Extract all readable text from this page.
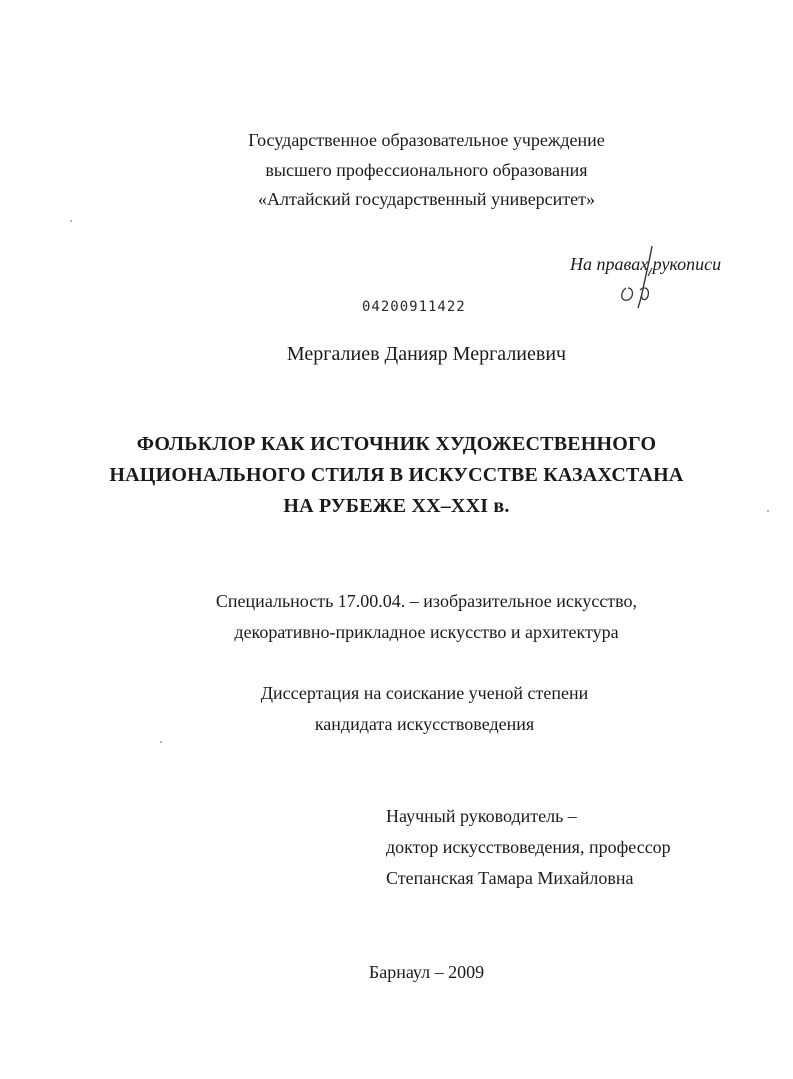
Государственное образовательное учреждение
высшего профессионального образования
«Алтайский государственный университет»
На правах рукописи
04200911422
Мергалиев Данияр Мергалиевич
ФОЛЬКЛОР КАК ИСТОЧНИК ХУДОЖЕСТВЕННОГО
НАЦИОНАЛЬНОГО СТИЛЯ В ИСКУССТВЕ КАЗАХСТАНА
НА РУБЕЖЕ ХХ–XXI в.
Специальность 17.00.04. – изобразительное искусство,
декоративно-прикладное искусство и архитектура
Диссертация на соискание ученой степени
кандидата искусствоведения
Научный руководитель –
доктор искусствоведения, профессор
Степанская Тамара Михайловна
Барнаул – 2009
